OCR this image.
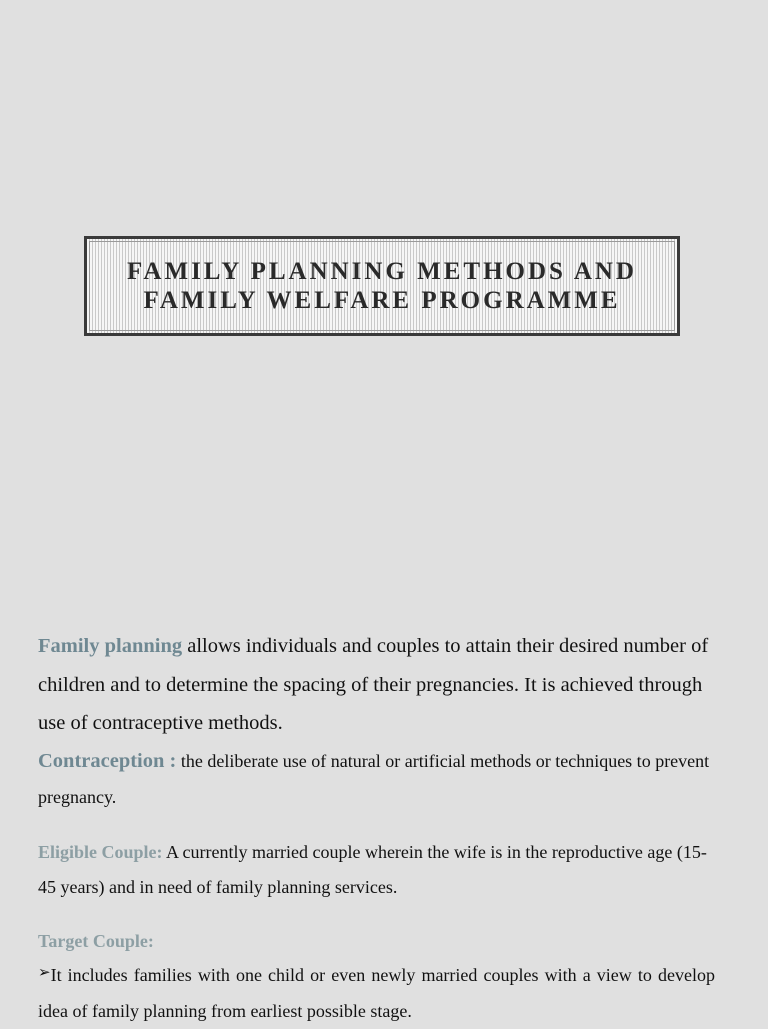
FAMILY PLANNING METHODS AND
FAMILY WELFARE PROGRAMME

Family planning allows individuals and couples to attain their desired number of children and to determine the spacing of their pregnancies. It is achieved through use of contraceptive methods.

Contraception : the deliberate use of natural or artificial methods or techniques to prevent pregnancy.

Eligible Couple: A currently married couple wherein the wife is in the reproductive age (15-45 years) and in need of family planning services.

Target Couple:

➢It includes families with one child or even newly married couples with a view to develop idea of family planning from earliest possible stage.
